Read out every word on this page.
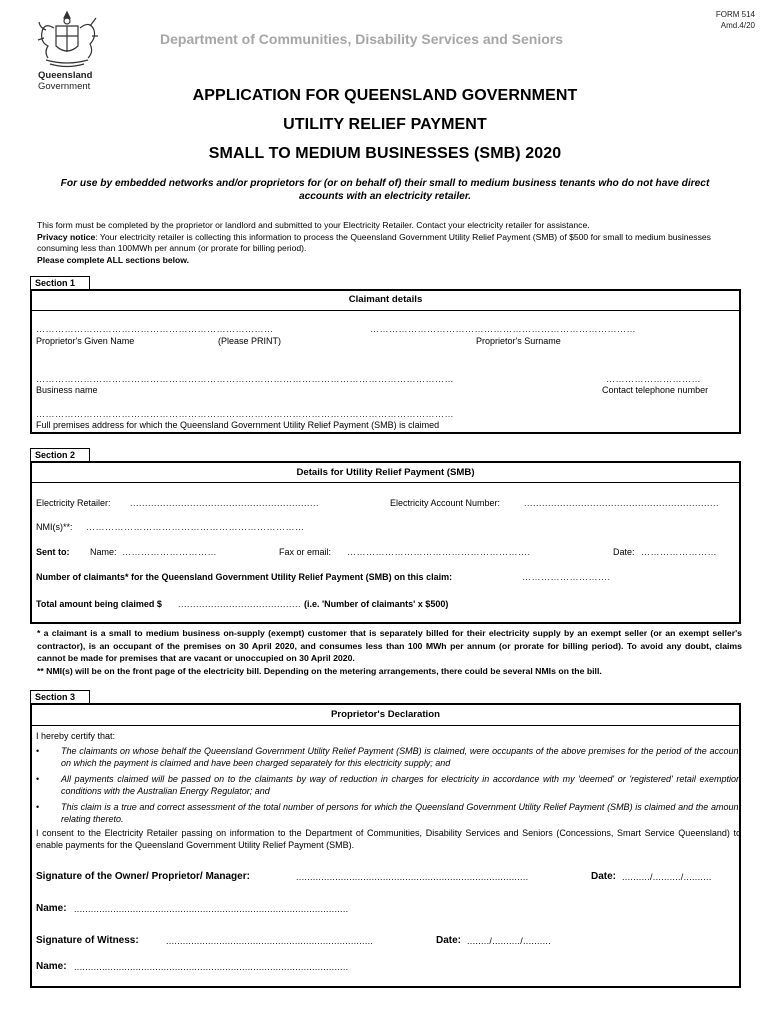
Queensland
Government
Department of Communities, Disability Services and Seniors
FORM 514
Amd.4/20
APPLICATION FOR QUEENSLAND GOVERNMENT
UTILITY RELIEF PAYMENT
SMALL TO MEDIUM BUSINESSES (SMB) 2020
For use by embedded networks and/or proprietors for (or on behalf of) their small to medium business tenants who do not have direct accounts with an electricity retailer.
This form must be completed by the proprietor or landlord and submitted to your Electricity Retailer. Contact your electricity retailer for assistance.
Privacy notice: Your electricity retailer is collecting this information to process the Queensland Government Utility Relief Payment (SMB) of $500 for small to medium businesses consuming less than 100MWh per annum (or prorate for billing period).
Please complete ALL sections below.
Section 1
Claimant details
…………………………………………………………………	…………………………………………………………………………
Proprietor's Given Name	(Please PRINT)	Proprietor's Surname
……………………………………………………………………………………………………………………	…………………………
Business name	Contact telephone number
……………………………………………………………………………………………………………………
Full premises address for which the Queensland Government Utility Relief Payment (SMB) is claimed
Section 2
Details for Utility Relief Payment (SMB)
Electricity Retailer: ...............................................................	Electricity Account Number:	.................................................................
NMI(s)**: ……………………………………………………………
Sent to: Name: …………………………	Fax or email: ………………………………………………….	Date: ……………………
Number of claimants* for the Queensland Government Utility Relief Payment (SMB) on this claim:	……………………….
Total amount being claimed $ ......................................... (i.e. 'Number of claimants' x $500)
* a claimant is a small to medium business on-supply (exempt) customer that is separately billed for their electricity supply by an exempt seller (or an exempt seller's contractor), is an occupant of the premises on 30 April 2020, and consumes less than 100 MWh per annum (or prorate for billing period). To avoid any doubt, claims cannot be made for premises that are vacant or unoccupied on 30 April 2020.
** NMI(s) will be on the front page of the electricity bill. Depending on the metering arrangements, there could be several NMIs on the bill.
Section 3
Proprietor's Declaration
I hereby certify that:
• The claimants on whose behalf the Queensland Government Utility Relief Payment (SMB) is claimed, were occupants of the above premises for the period of the account on which the payment is claimed and have been charged separately for this electricity supply; and
• All payments claimed will be passed on to the claimants by way of reduction in charges for electricity in accordance with my 'deemed' or 'registered' retail exemption conditions with the Australian Energy Regulator; and
• This claim is a true and correct assessment of the total number of persons for which the Queensland Government Utility Relief Payment (SMB) is claimed and the amount relating thereto.
I consent to the Electricity Retailer passing on information to the Department of Communities, Disability Services and Seniors (Concessions, Smart Service Queensland) to enable payments for the Queensland Government Utility Relief Payment (SMB).
Signature of the Owner/ Proprietor/ Manager:	...................................................................................	Date: ........../........../..........
Name: ..................................................................................................
Signature of Witness:	..........................................................................	Date: ......../........../..........
Name: ..................................................................................................
